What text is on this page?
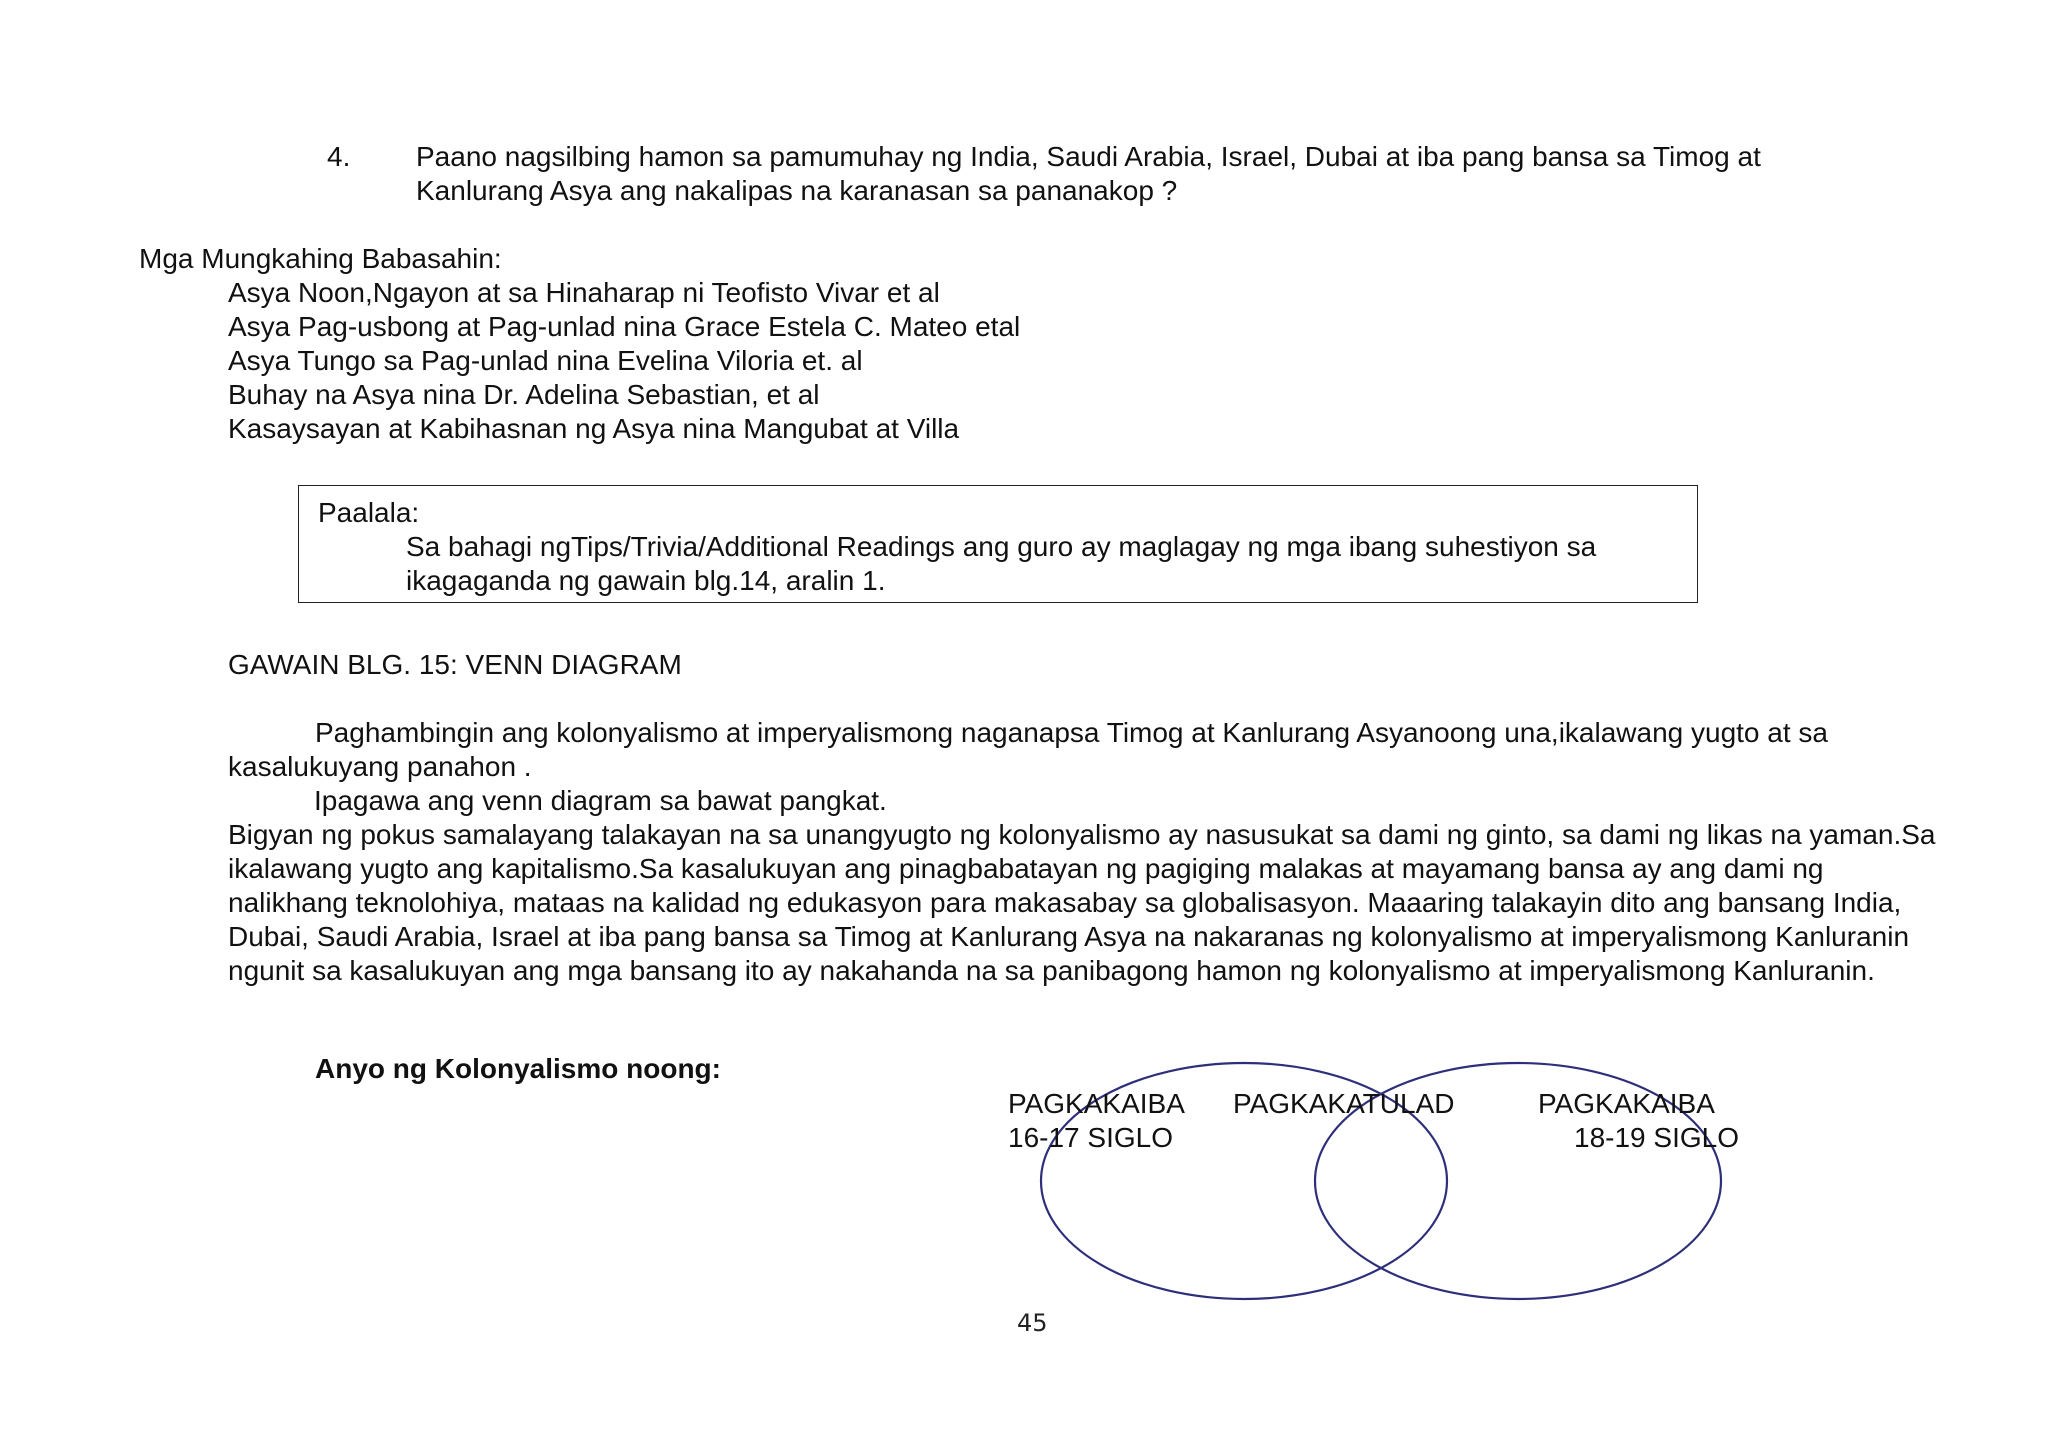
4. Paano nagsilbing hamon sa pamumuhay ng India, Saudi Arabia, Israel, Dubai at iba pang bansa sa Timog at Kanlurang Asya ang nakalipas na karanasan sa pananakop ?
Mga Mungkahing Babasahin:
Asya Noon,Ngayon at sa Hinaharap ni Teofisto Vivar et al
Asya Pag-usbong at Pag-unlad nina Grace Estela C. Mateo etal
Asya Tungo sa Pag-unlad nina Evelina Viloria et. al
Buhay na Asya nina Dr. Adelina Sebastian, et al
Kasaysayan at Kabihasnan ng Asya nina Mangubat at Villa
Paalala:
Sa bahagi ngTips/Trivia/Additional Readings ang guro ay maglagay ng mga ibang suhestiyon sa ikagaganda ng gawain blg.14, aralin 1.
GAWAIN BLG. 15: VENN DIAGRAM
Paghambingin ang kolonyalismo at imperyalismong naganapsa Timog at Kanlurang Asyanoong una,ikalawang yugto at sa kasalukuyang panahon .
Ipagawa ang venn diagram sa bawat pangkat.
Bigyan ng pokus samalayang talakayan na sa unangyugto ng kolonyalismo ay nasusukat sa dami ng ginto, sa dami ng likas na yaman.Sa ikalawang yugto ang kapitalismo.Sa kasalukuyan ang pinagbabatayan ng pagiging malakas at mayamang bansa ay ang dami ng nalikhang teknolohiya, mataas na kalidad ng edukasyon para makasabay sa globalisasyon. Maaaring talakayin dito ang bansang India, Dubai, Saudi Arabia, Israel at iba pang bansa sa Timog at Kanlurang Asya na nakaranas ng kolonyalismo at imperyalismong Kanluranin ngunit sa kasalukuyan ang mga bansang ito ay nakahanda na sa panibagong hamon ng kolonyalismo at imperyalismong Kanluranin.
Anyo ng Kolonyalismo noong:
PAGKAKAIBA
16-17 SIGLO
PAGKAKATULAD	PAGKAKAIBA
18-19 SIGLO
45
